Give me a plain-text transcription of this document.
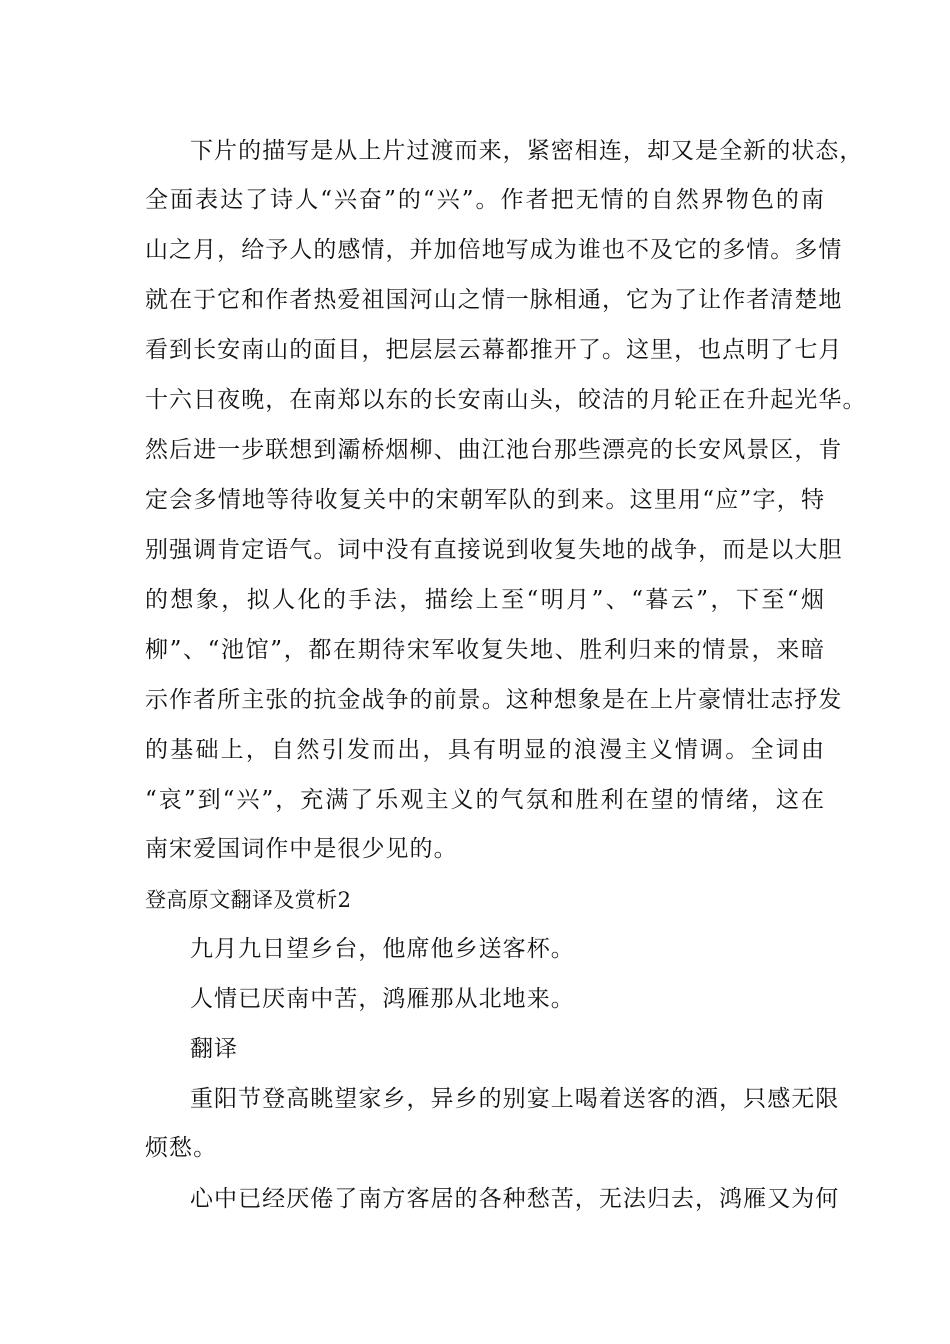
下片的描写是从上片过渡而来，紧密相连，却又是全新的状态，
全面表达了诗人“兴奋”的“兴”。作者把无情的自然界物色的南
山之月，给予人的感情，并加倍地写成为谁也不及它的多情。多情
就在于它和作者热爱祖国河山之情一脉相通，它为了让作者清楚地
看到长安南山的面目，把层层云幕都推开了。这里，也点明了七月
十六日夜晚，在南郑以东的长安南山头，皎洁的月轮正在升起光华。
然后进一步联想到灞桥烟柳、曲江池台那些漂亮的长安风景区，肯
定会多情地等待收复关中的宋朝军队的到来。这里用“应”字，特
别强调肯定语气。词中没有直接说到收复失地的战争，而是以大胆
的想象，拟人化的手法，描绘上至“明月”、“暮云”，下至“烟
柳”、“池馆”，都在期待宋军收复失地、胜利归来的情景，来暗
示作者所主张的抗金战争的前景。这种想象是在上片豪情壮志抒发
的基础上，自然引发而出，具有明显的浪漫主义情调。全词由
“哀”到“兴”，充满了乐观主义的气氛和胜利在望的情绪，这在
南宋爱国词作中是很少见的。
登高原文翻译及赏析2
九月九日望乡台，他席他乡送客杯。
人情已厌南中苦，鸿雁那从北地来。
翻译
重阳节登高眺望家乡，异乡的别宴上喝着送客的酒，只感无限
烦愁。
心中已经厌倦了南方客居的各种愁苦，无法归去，鸿雁又为何
